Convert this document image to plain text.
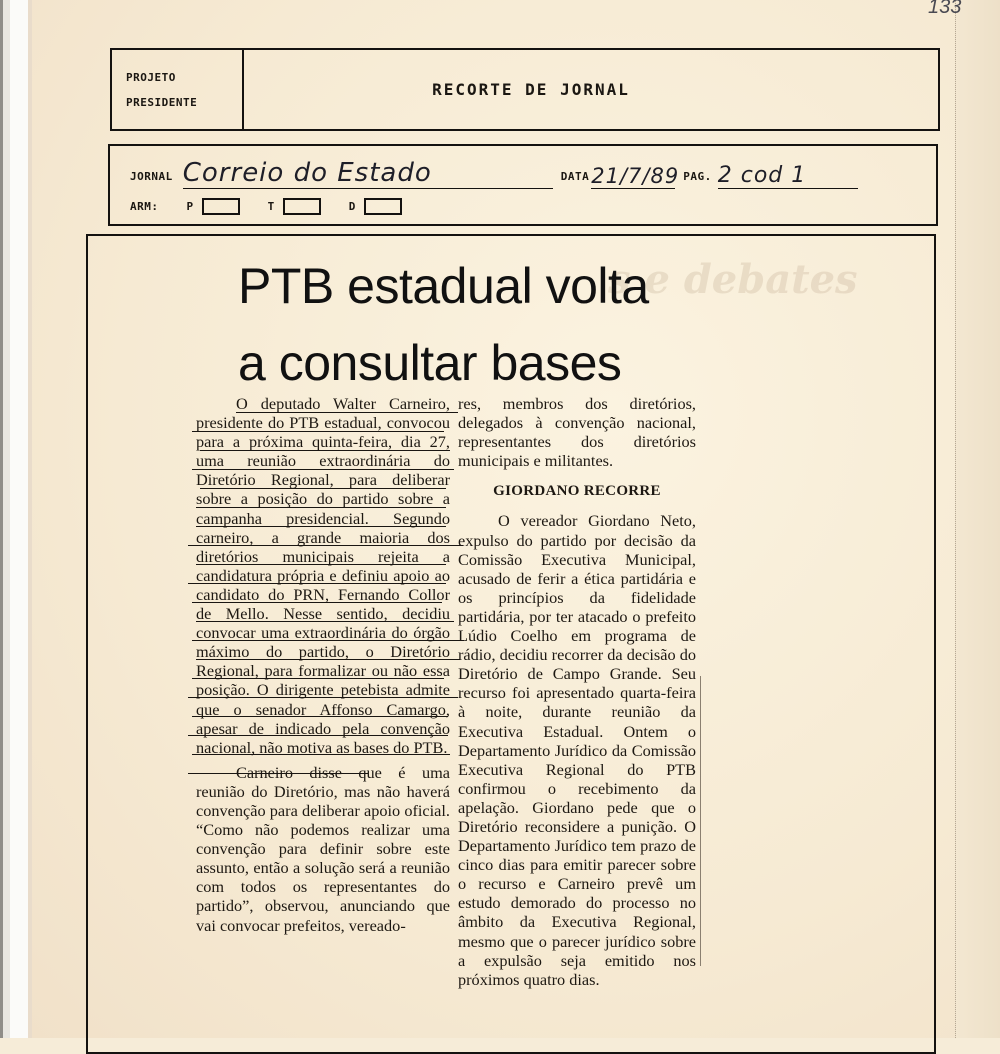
133
PROJETO
PRESIDENTE
RECORTE DE JORNAL
JORNAL Correio do Estado	DATA 21/7/89 PAG. 2 cod 1
ARM:	P	T	D
s e debates
PTB estadual volta
a consultar bases

O deputado Walter Carneiro, presidente do PTB estadual, convocou para a próxima quinta-feira, dia 27, uma reunião extraordinária do Diretório Regional, para deliberar sobre a posição do partido sobre a campanha presidencial. Segundo carneiro, a grande maioria dos diretórios municipais rejeita a candidatura própria e definiu apoio ao candidato do PRN, Fernando Collor de Mello. Nesse sentido, decidiu convocar uma extraordinária do órgão máximo do partido, o Diretório Regional, para formalizar ou não essa posição. O dirigente petebista admite que o senador Affonso Camargo, apesar de indicado pela convenção nacional, não motiva as bases do PTB.

Carneiro disse que é uma reunião do Diretório, mas não haverá convenção para deliberar apoio oficial. “Como não podemos realizar uma convenção para definir sobre este assunto, então a solução será a reunião com todos os representantes do partido”, observou, anunciando que vai convocar prefeitos, vereado-

res, membros dos diretórios, delegados à convenção nacional, representantes dos diretórios municipais e militantes.

GIORDANO RECORRE

O vereador Giordano Neto, expulso do partido por decisão da Comissão Executiva Municipal, acusado de ferir a ética partidária e os princípios da fidelidade partidária, por ter atacado o prefeito Lúdio Coelho em programa de rádio, decidiu recorrer da decisão do Diretório de Campo Grande. Seu recurso foi apresentado quarta-feira à noite, durante reunião da Executiva Estadual. Ontem o Departamento Jurídico da Comissão Executiva Regional do PTB confirmou o recebimento da apelação. Giordano pede que o Diretório reconsidere a punição. O Departamento Jurídico tem prazo de cinco dias para emitir parecer sobre o recurso e Carneiro prevê um estudo demorado do processo no âmbito da Executiva Regional, mesmo que o parecer jurídico sobre a expulsão seja emitido nos próximos quatro dias.
